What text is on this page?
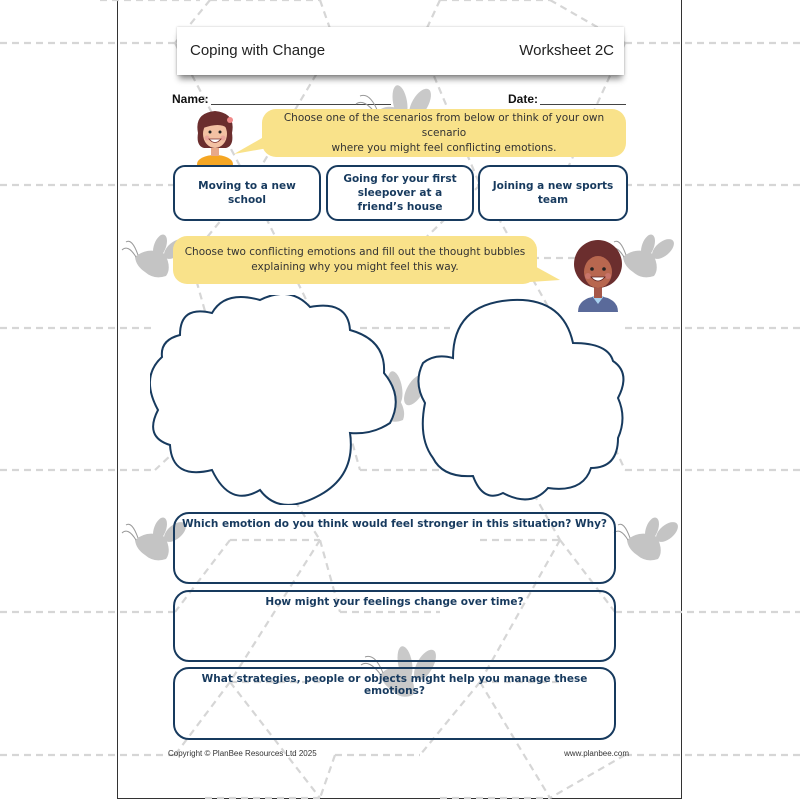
Coping with Change	Worksheet 2C
Name:	Date:
Choose one of the scenarios from below or think of your own scenario
where you might feel conflicting emotions.
Moving to a new school
Going for your first sleepover at a friend’s house
Joining a new sports team
Choose two conflicting emotions and fill out the thought bubbles
explaining why you might feel this way.
Which emotion do you think would feel stronger in this situation? Why?
How might your feelings change over time?
What strategies, people or objects might help you manage these emotions?
Copyright © PlanBee Resources Ltd 2025	www.planbee.com
